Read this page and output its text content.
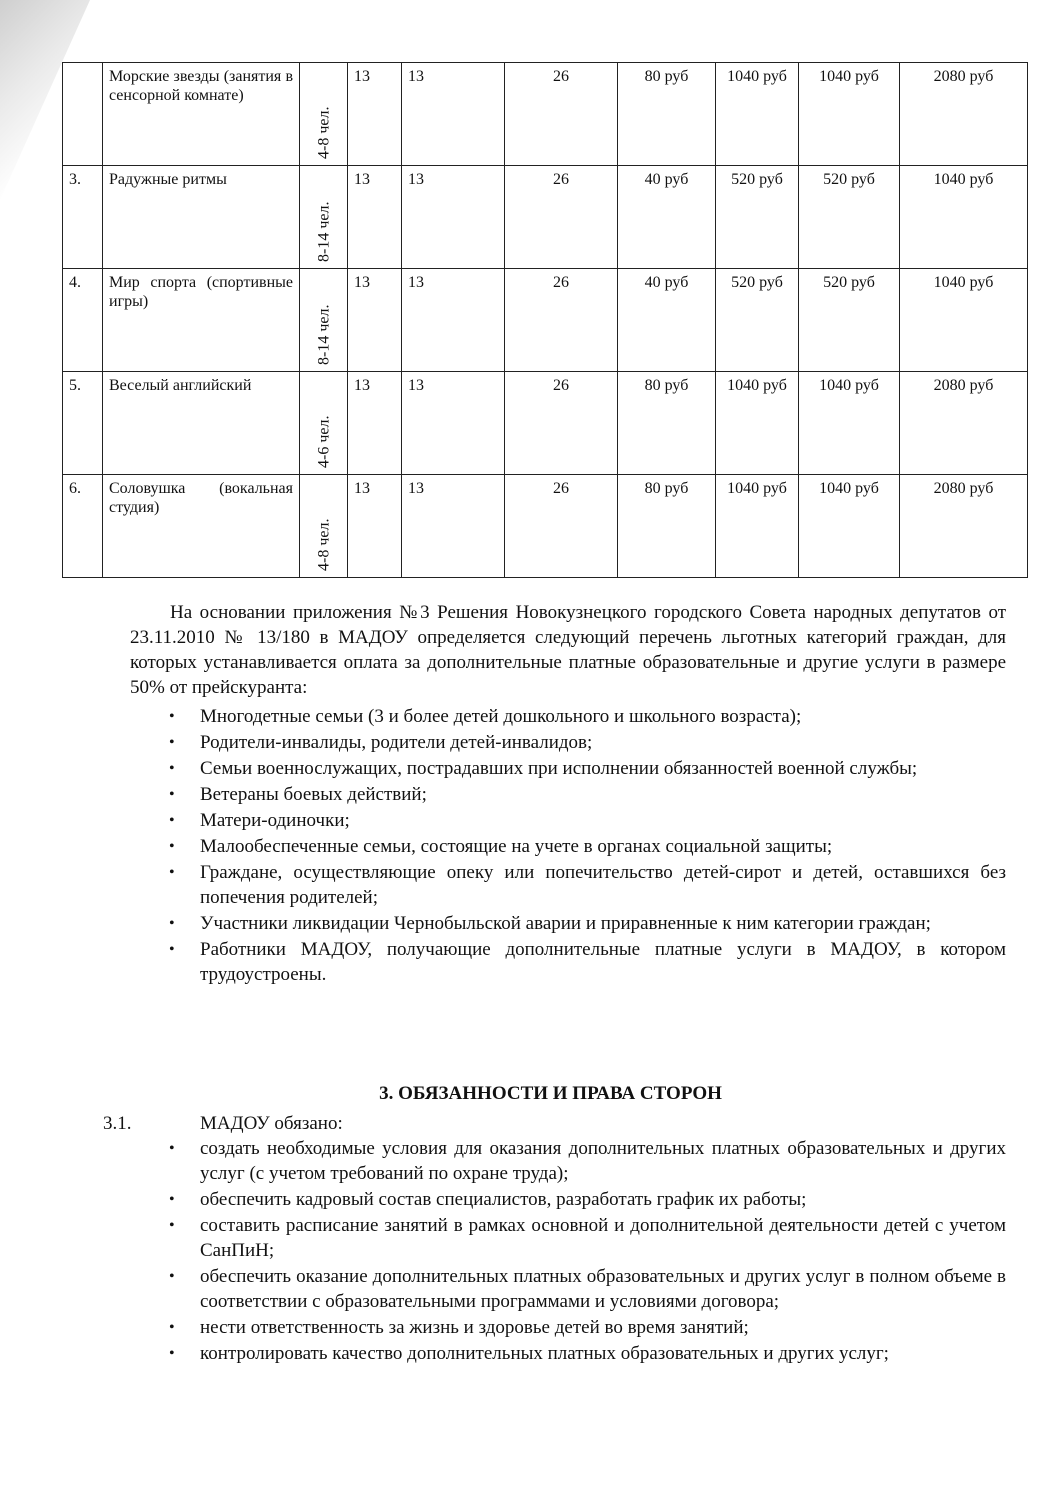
	Морские звезды (занятия в сенсорной комнате)	4-8 чел.	13	13	26	80 руб	1040 руб	1040 руб	2080 руб
3.	Радужные ритмы	8-14 чел.	13	13	26	40 руб	520 руб	520 руб	1040 руб
4.	Мир спорта (спортивные игры)	8-14 чел.	13	13	26	40 руб	520 руб	520 руб	1040 руб
5.	Веселый английский	4-6 чел.	13	13	26	80 руб	1040 руб	1040 руб	2080 руб
6.	Соловушка (вокальная студия)	4-8 чел.	13	13	26	80 руб	1040 руб	1040 руб	2080 руб

На основании приложения №3 Решения Новокузнецкого городского Совета народных депутатов от 23.11.2010 № 13/180 в МАДОУ определяется следующий перечень льготных категорий граждан, для которых устанавливается оплата за дополнительные платные образовательные и другие услуги в размере 50% от прейскуранта:

• Многодетные семьи (3 и более детей дошкольного и школьного возраста);
• Родители-инвалиды, родители детей-инвалидов;
• Семьи военнослужащих, пострадавших при исполнении обязанностей военной службы;
• Ветераны боевых действий;
• Матери-одиночки;
• Малообеспеченные семьи, состоящие на учете в органах социальной защиты;
• Граждане, осуществляющие опеку или попечительство детей-сирот и детей, оставшихся без попечения родителей;
• Участники ликвидации Чернобыльской аварии и приравненные к ним категории граждан;
• Работники МАДОУ, получающие дополнительные платные услуги в МАДОУ, в котором трудоустроены.
3. ОБЯЗАННОСТИ И ПРАВА СТОРОН
3.1.	МАДОУ обязано:
• создать необходимые условия для оказания дополнительных платных образовательных и других услуг (с учетом требований по охране труда);
• обеспечить кадровый состав специалистов, разработать график их работы;
• составить расписание занятий в рамках основной и дополнительной деятельности детей с учетом СанПиН;
• обеспечить оказание дополнительных платных образовательных и других услуг в полном объеме в соответствии с образовательными программами и условиями договора;
• нести ответственность за жизнь и здоровье детей во время занятий;
• контролировать качество дополнительных платных образовательных и других услуг;
